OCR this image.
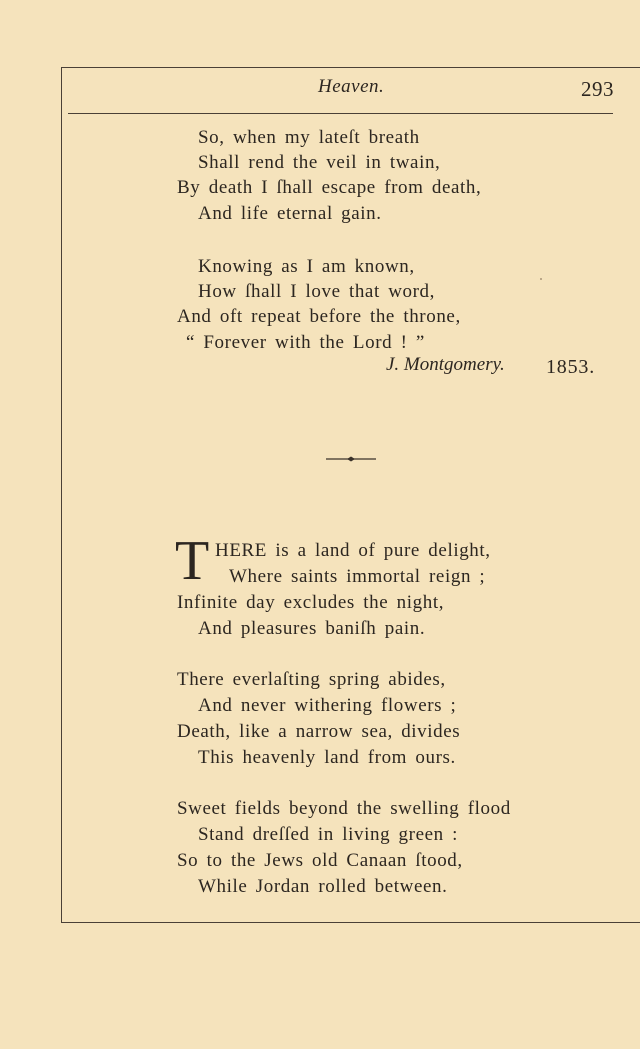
Heaven.	293
So, when my lateſt breath
Shall rend the veil in twain,
By death I ſhall escape from death,
And life eternal gain.
Knowing as I am known,
How ſhall I love that word,
And oft repeat before the throne,
“ Forever with the Lord ! ”
J. Montgomery. 1853.
T HERE is a land of pure delight,
Where saints immortal reign ;
Infinite day excludes the night,
And pleasures baniſh pain.
There everlaſting spring abides,
And never withering flowers ;
Death, like a narrow sea, divides
This heavenly land from ours.
Sweet fields beyond the swelling flood
Stand dreſſed in living green :
So to the Jews old Canaan ſtood,
While Jordan rolled between.
